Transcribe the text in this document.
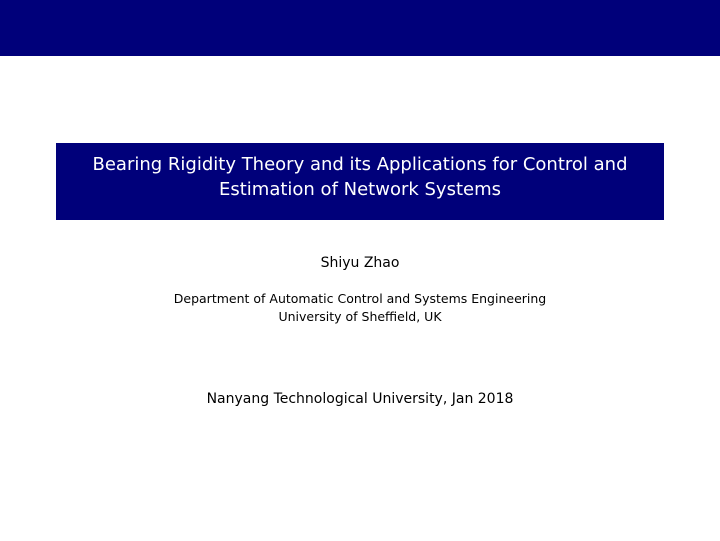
Bearing Rigidity Theory and its Applications for Control and
Estimation of Network Systems
Shiyu Zhao
Department of Automatic Control and Systems Engineering
University of Sheffield, UK
Nanyang Technological University, Jan 2018
